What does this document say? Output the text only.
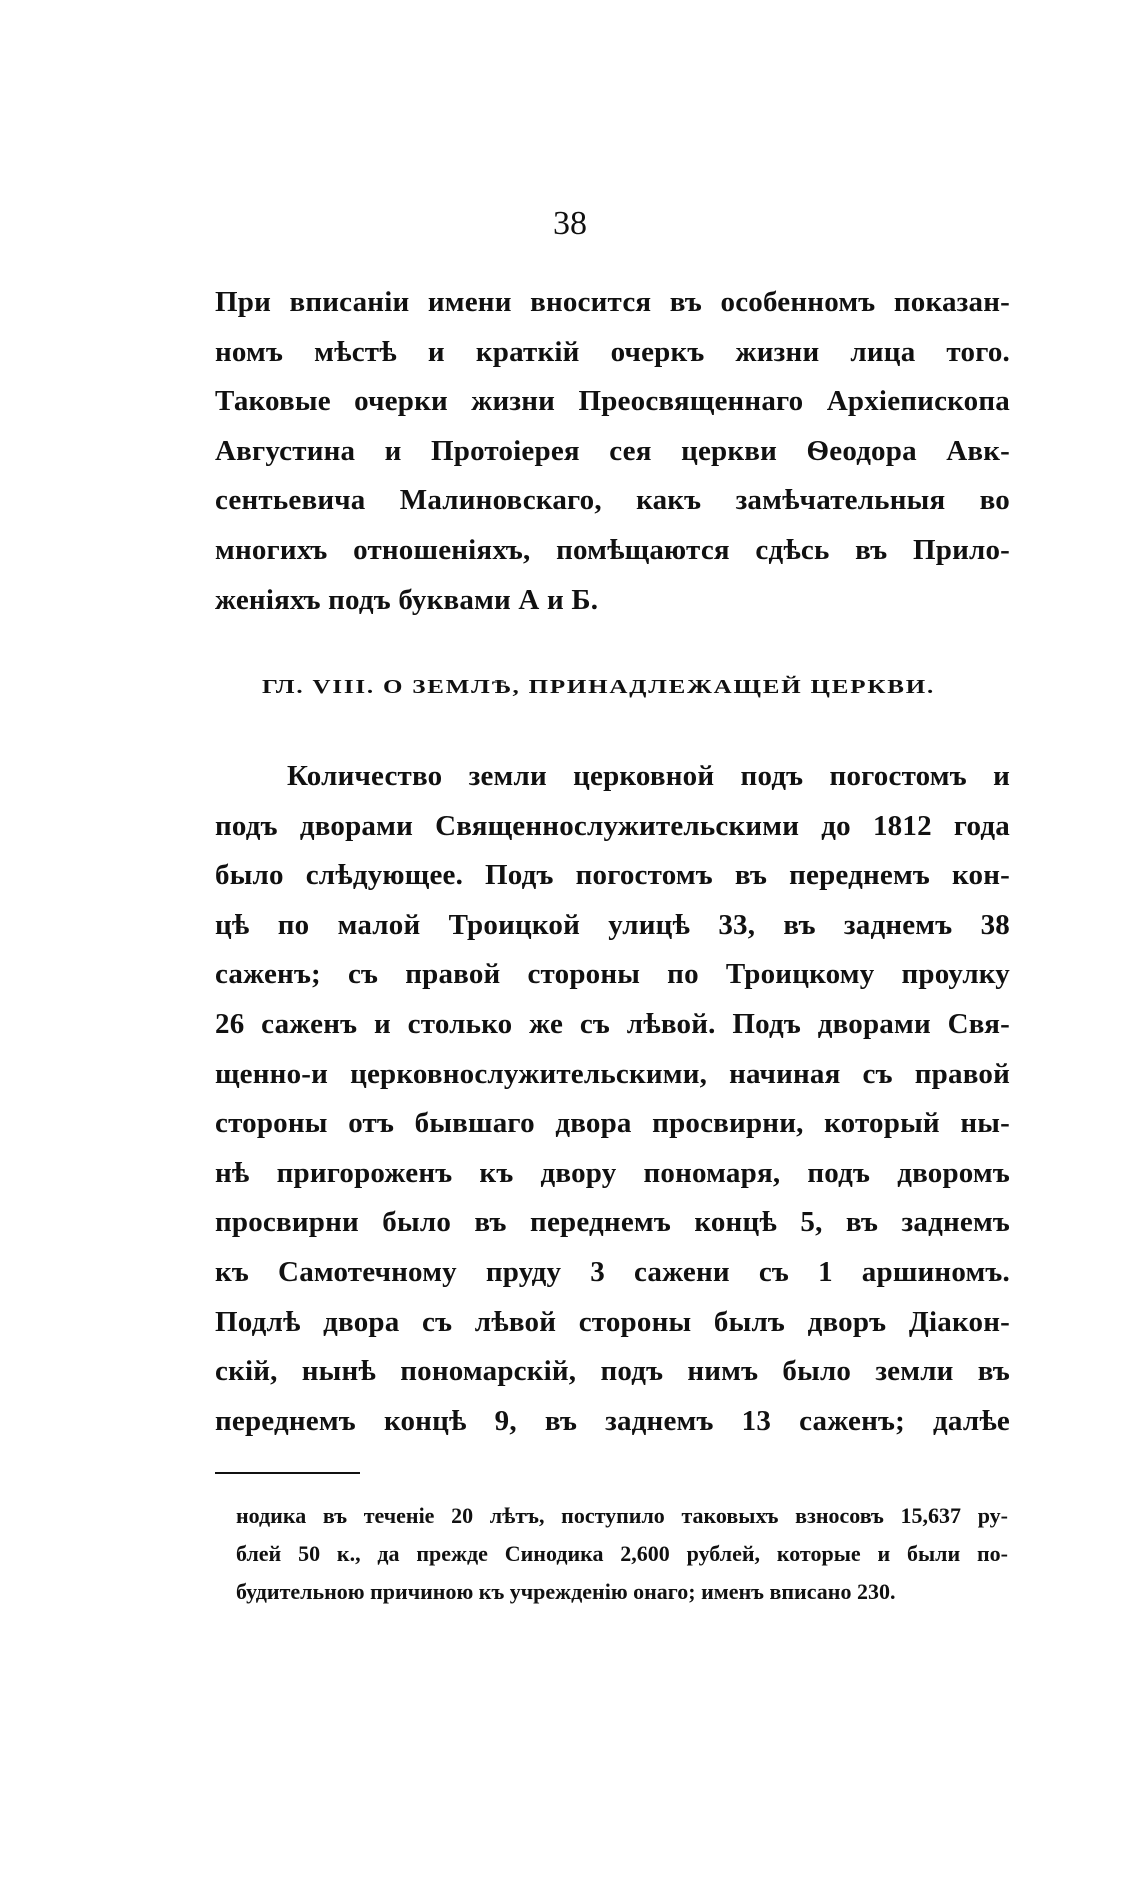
38
При вписаніи имени вносится въ особенномъ показан-
номъ мѣстѣ и краткій очеркъ жизни лица того.
Таковые очерки жизни Преосвященнаго Архіепископа
Августина и Протоіерея сея церкви Ѳеодора Авк-
сентьевича Малиновскаго, какъ замѣчательныя во
многихъ отношеніяхъ, помѣщаются сдѣсь въ Прило-
женіяхъ подъ буквами А и Б.
ГЛ. VIII. О ЗЕМЛѢ, ПРИНАДЛЕЖАЩЕЙ ЦЕРКВИ.
Количество земли церковной подъ погостомъ и
подъ дворами Священнослужительскими до 1812 года
было слѣдующее. Подъ погостомъ въ переднемъ кон-
цѣ по малой Троицкой улицѣ 33, въ заднемъ 38
саженъ; съ правой стороны по Троицкому проулку
26 саженъ и столько же съ лѣвой. Подъ дворами Свя-
щенно-и церковнослужительскими, начиная съ правой
стороны отъ бывшаго двора просвирни, который ны-
нѣ пригороженъ къ двору пономаря, подъ дворомъ
просвирни было въ переднемъ концѣ 5, въ заднемъ
къ Самотечному пруду 3 сажени съ 1 аршиномъ.
Подлѣ двора съ лѣвой стороны былъ дворъ Діакон-
скій, нынѣ пономарскій, подъ нимъ было земли въ
переднемъ концѣ 9, въ заднемъ 13 саженъ; далѣе
нодика въ теченіе 20 лѣтъ, поступило таковыхъ взносовъ 15,637 ру-
блей 50 к., да прежде Синодика 2,600 рублей, которые и были по-
будительною причиною къ учрежденію онаго; именъ вписано 230.
